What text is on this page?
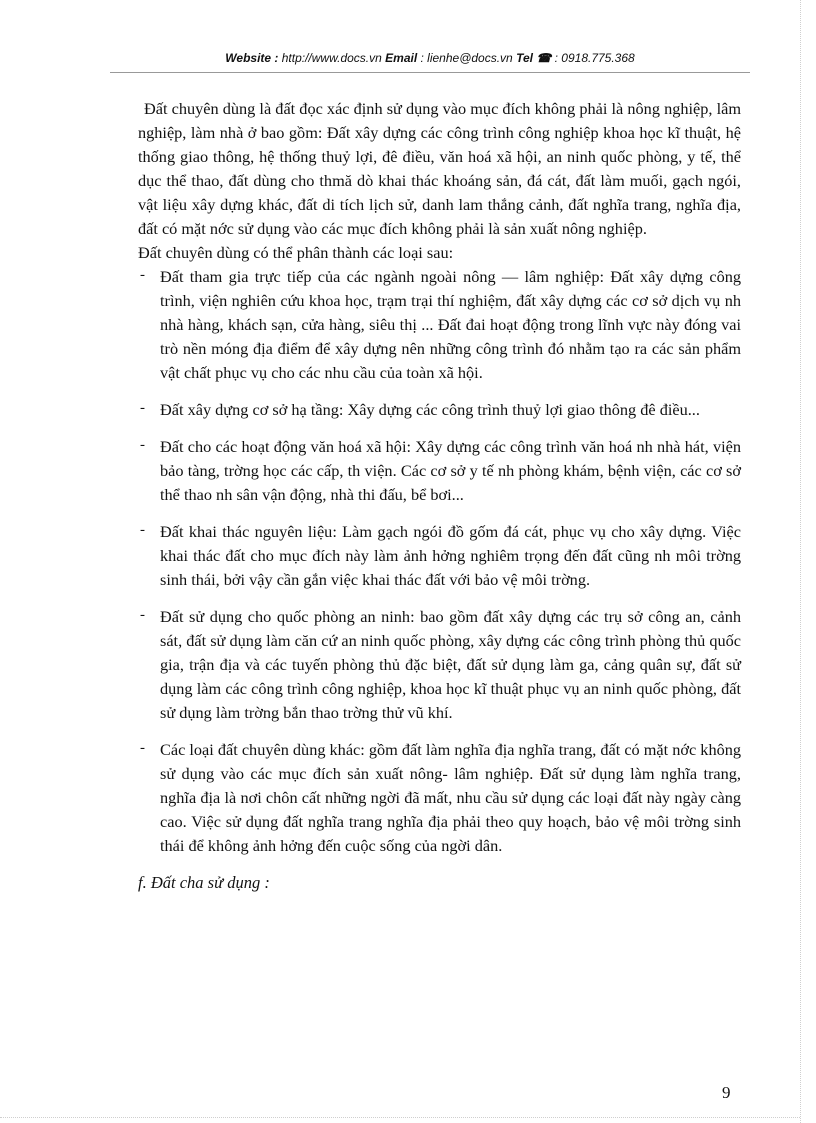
Website : http://www.docs.vn Email : lienhe@docs.vn Tel ☎ : 0918.775.368

Đất chuyên dùng là đất đọc xác định sử dụng vào mục đích không phải là nông nghiệp, lâm nghiệp, làm nhà ở bao gồm: Đất xây dựng các công trình công nghiệp khoa học kĩ thuật, hệ thống giao thông, hệ thống thuỷ lợi, đê điều, văn hoá xã hội, an ninh quốc phòng, y tế, thể dục thể thao, đất dùng cho thmă dò khai thác khoáng sản, đá cát, đất làm muối, gạch ngói, vật liệu xây dựng khác, đất di tích lịch sử, danh lam thắng cảnh, đất nghĩa trang, nghĩa địa, đất có mặt nớc sử dụng vào các mục đích không phải là sản xuất nông nghiệp.

Đất chuyên dùng có thể phân thành các loại sau:

- Đất tham gia trực tiếp của các ngành ngoài nông — lâm nghiệp: Đất xây dựng công trình, viện nghiên cứu khoa học, trạm trại thí nghiệm, đất xây dựng các cơ sở dịch vụ nh nhà hàng, khách sạn, cửa hàng, siêu thị ... Đất đai hoạt động trong lĩnh vực này đóng vai trò nền móng địa điểm để xây dựng nên những công trình đó nhằm tạo ra các sản phẩm vật chất phục vụ cho các nhu cầu của toàn xã hội.
- Đất xây dựng cơ sở hạ tầng: Xây dựng các công trình thuỷ lợi giao thông đê điều...
- Đất cho các hoạt động văn hoá xã hội: Xây dựng các công trình văn hoá nh nhà hát, viện bảo tàng, trờng học các cấp, th viện. Các cơ sở y tế nh phòng khám, bệnh viện, các cơ sở thể thao nh sân vận động, nhà thi đấu, bể bơi...
- Đất khai thác nguyên liệu: Làm gạch ngói đồ gốm đá cát, phục vụ cho xây dựng. Việc khai thác đất cho mục đích này làm ảnh hởng nghiêm trọng đến đất cũng nh môi trờng sinh thái, bởi vậy cần gắn việc khai thác đất với bảo vệ môi trờng.
- Đất sử dụng cho quốc phòng an ninh: bao gồm đất xây dựng các trụ sở công an, cảnh sát, đất sử dụng làm căn cứ an ninh quốc phòng, xây dựng các công trình phòng thủ quốc gia, trận địa và các tuyến phòng thủ đặc biệt, đất sử dụng làm ga, cảng quân sự, đất sử dụng làm các công trình công nghiệp, khoa học kĩ thuật phục vụ an ninh quốc phòng, đất sử dụng làm trờng bắn thao trờng thử vũ khí.
- Các loại đất chuyên dùng khác: gồm đất làm nghĩa địa nghĩa trang, đất có mặt nớc không sử dụng vào các mục đích sản xuất nông- lâm nghiệp. Đất sử dụng làm nghĩa trang, nghĩa địa là nơi chôn cất những ngời đã mất, nhu cầu sử dụng các loại đất này ngày càng cao. Việc sử dụng đất nghĩa trang nghĩa địa phải theo quy hoạch, bảo vệ môi trờng sinh thái để không ảnh hởng đến cuộc sống của ngời dân.

f. Đất cha sử dụng :

9
